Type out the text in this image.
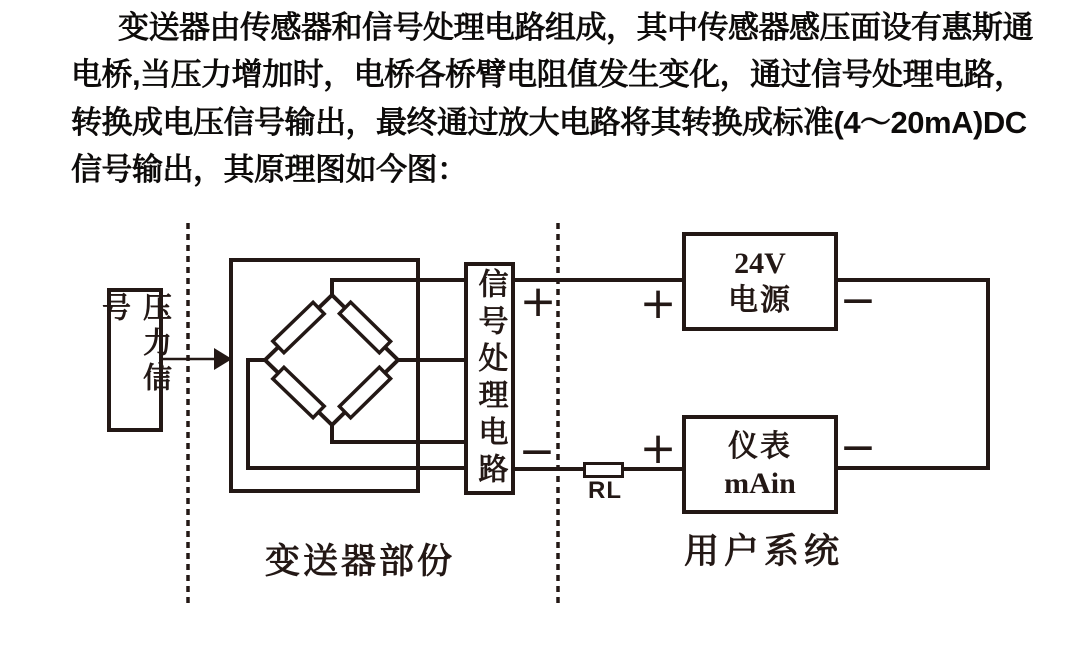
变送器由传感器和信号处理电路组成，其中传感器感压面设有惠斯通
电桥,当压力增加时，电桥各桥臂电阻值发生变化，通过信号处理电路，
转换成电压信号输出，最终通过放大电路将其转换成标准(4～20mA)DC
信号输出，其原理图如今图：
压力信号	信号处理电路
24V
电源
仪表
mAin
RL
+
−
+	−
+	−
变送器部份	用户系统
